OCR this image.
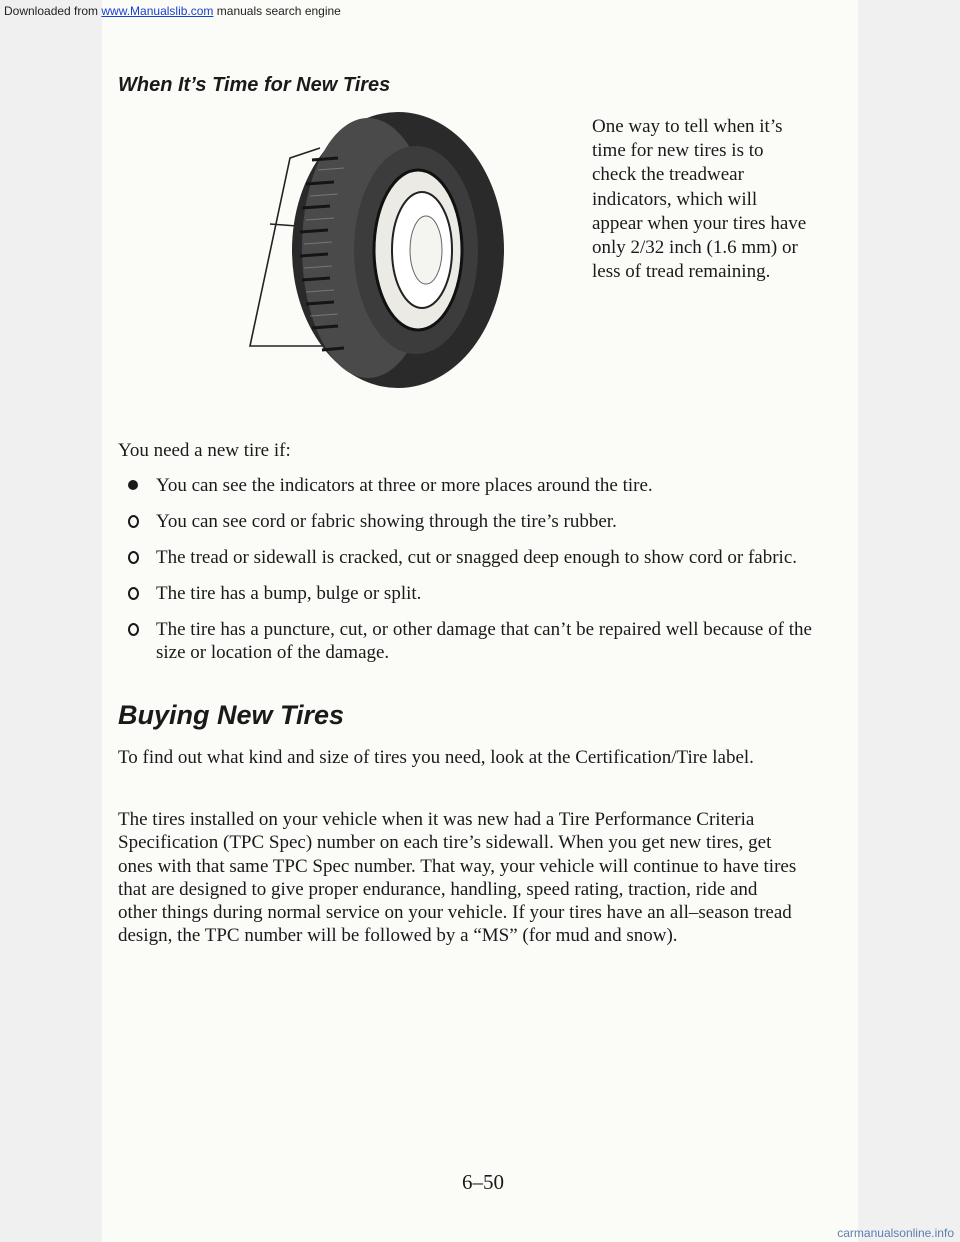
Downloaded from www.Manualslib.com manuals search engine
When It’s Time for New Tires

One way to tell when it’s time for new tires is to check the treadwear indicators, which will appear when your tires have only 2/32 inch (1.6 mm) or less of tread remaining.

You need a new tire if:

You can see the indicators at three or more places around the tire.
You can see cord or fabric showing through the tire’s rubber.
The tread or sidewall is cracked, cut or snagged deep enough to show cord or fabric.
The tire has a bump, bulge or split.
The tire has a puncture, cut, or other damage that can’t be repaired well because of the size or location of the damage.
Buying New Tires

To find out what kind and size of tires you need, look at the Certification/Tire label.

The tires installed on your vehicle when it was new had a Tire Performance Criteria Specification (TPC Spec) number on each tire’s sidewall. When you get new tires, get ones with that same TPC Spec number. That way, your vehicle will continue to have tires that are designed to give proper endurance, handling, speed rating, traction, ride and other things during normal service on your vehicle. If your tires have an all–season tread design, the TPC number will be followed by a “MS” (for mud and snow).

6–50
carmanualsonline.info
